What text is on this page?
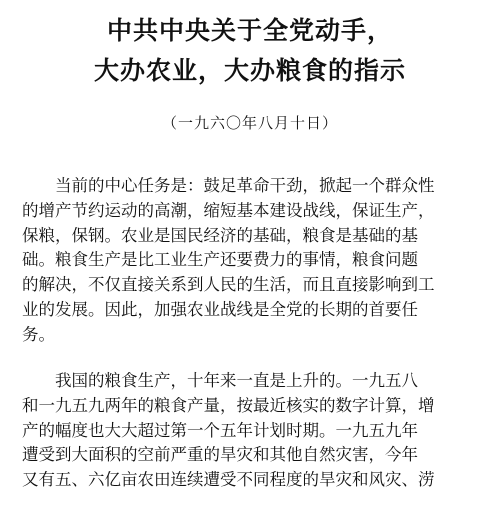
中共中央关于全党动手，
大办农业，大办粮食的指示
（一九六〇年八月十日）
当前的中心任务是：鼓足革命干劲，掀起一个群众性
的增产节约运动的高潮，缩短基本建设战线，保证生产，
保粮，保钢。农业是国民经济的基础，粮食是基础的基
础。粮食生产是比工业生产还要费力的事情，粮食问题
的解决，不仅直接关系到人民的生活，而且直接影响到工
业的发展。因此，加强农业战线是全党的长期的首要任
务。
我国的粮食生产，十年来一直是上升的。一九五八
和一九五九两年的粮食产量，按最近核实的数字计算，增
产的幅度也大大超过第一个五年计划时期。一九五九年
遭受到大面积的空前严重的旱灾和其他自然灾害，今年
又有五、六亿亩农田连续遭受不同程度的旱灾和风灾、涝
